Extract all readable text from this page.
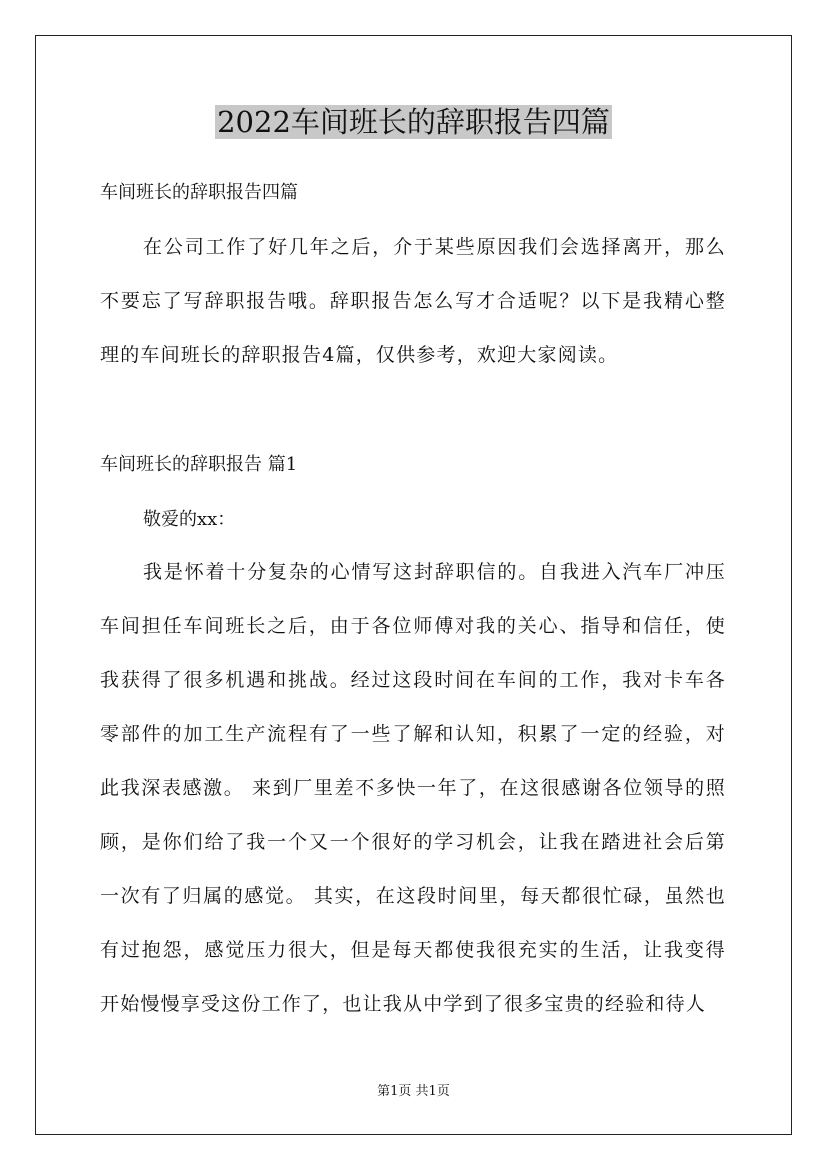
2022车间班长的辞职报告四篇
车间班长的辞职报告四篇
在公司工作了好几年之后，介于某些原因我们会选择离开，那么不要忘了写辞职报告哦。辞职报告怎么写才合适呢？以下是我精心整理的车间班长的辞职报告4篇，仅供参考，欢迎大家阅读。
车间班长的辞职报告 篇1
敬爱的xx：
我是怀着十分复杂的心情写这封辞职信的。自我进入汽车厂冲压车间担任车间班长之后，由于各位师傅对我的关心、指导和信任，使我获得了很多机遇和挑战。经过这段时间在车间的工作，我对卡车各零部件的加工生产流程有了一些了解和认知，积累了一定的经验，对此我深表感激。 来到厂里差不多快一年了，在这很感谢各位领导的照顾，是你们给了我一个又一个很好的学习机会，让我在踏进社会后第一次有了归属的感觉。 其实，在这段时间里，每天都很忙碌，虽然也有过抱怨，感觉压力很大，但是每天都使我很充实的生活，让我变得开始慢慢享受这份工作了，也让我从中学到了很多宝贵的经验和待人
第1页 共1页
